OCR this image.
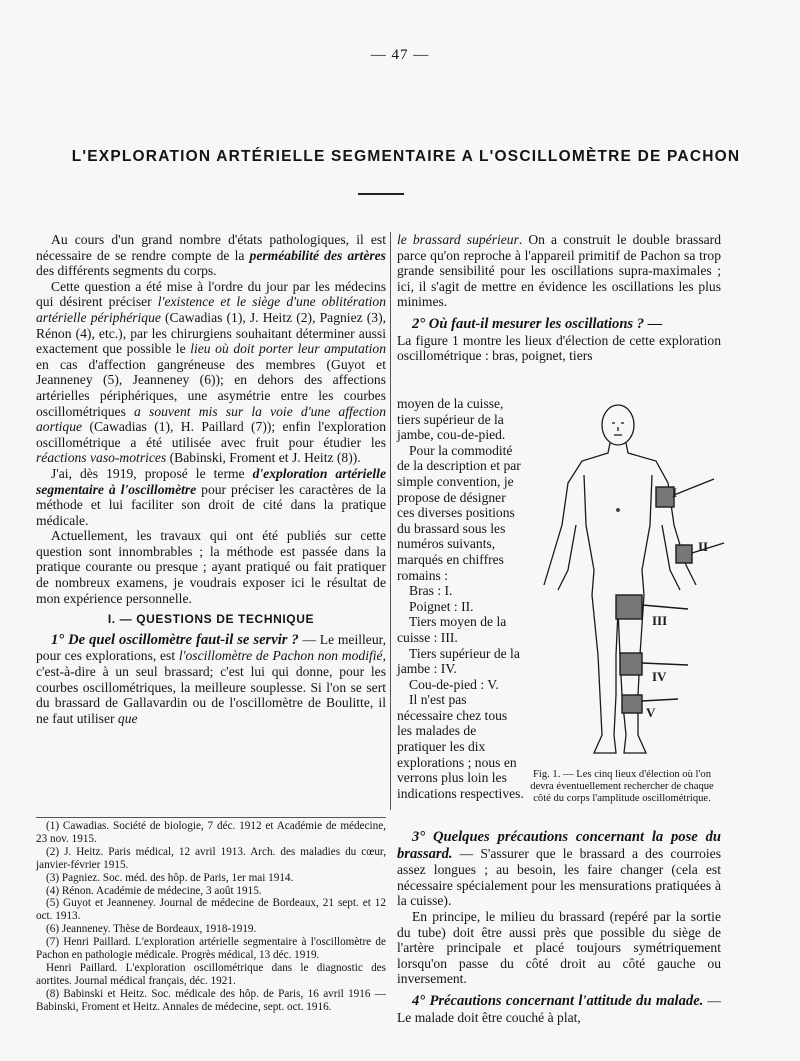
— 47 —
L'EXPLORATION ARTÉRIELLE SEGMENTAIRE A L'OSCILLOMÈTRE DE PACHON

Au cours d'un grand nombre d'états pathologiques, il est nécessaire de se rendre compte de la perméabilité des artères des différents segments du corps.

Cette question a été mise à l'ordre du jour par les médecins qui désirent préciser l'existence et le siège d'une oblitération artérielle périphérique (Cawadias (1), J. Heitz (2), Pagniez (3), Rénon (4), etc.), par les chirurgiens souhaitant déterminer aussi exactement que possible le lieu où doit porter leur amputation en cas d'affection gangréneuse des membres (Guyot et Jeanneney (5), Jeanneney (6)); en dehors des affections artérielles périphériques, une asymétrie entre les courbes oscillométriques a souvent mis sur la voie d'une affection aortique (Cawadias (1), H. Paillard (7)); enfin l'exploration oscillométrique a été utilisée avec fruit pour étudier les réactions vaso-motrices (Babinski, Froment et J. Heitz (8)).

J'ai, dès 1919, proposé le terme d'exploration artérielle segmentaire à l'oscillomètre pour préciser les caractères de la méthode et lui faciliter son droit de cité dans la pratique médicale.

Actuellement, les travaux qui ont été publiés sur cette question sont innombrables ; la méthode est passée dans la pratique courante ou presque ; ayant pratiqué ou fait pratiquer de nombreux examens, je voudrais exposer ici le résultat de mon expérience personnelle.

I. — QUESTIONS DE TECHNIQUE

1° De quel oscillomètre faut-il se servir ? — Le meilleur, pour ces explorations, est l'oscillomètre de Pachon non modifié, c'est-à-dire à un seul brassard; c'est lui qui donne, pour les courbes oscillométriques, la meilleure souplesse. Si l'on se sert du brassard de Gallavardin ou de l'oscillomètre de Boulitte, il ne faut utiliser que

(1) Cawadias. Société de biologie, 7 déc. 1912 et Académie de médecine, 23 nov. 1915.

(2) J. Heitz. Paris médical, 12 avril 1913. Arch. des maladies du cœur, janvier-février 1915.

(3) Pagniez. Soc. méd. des hôp. de Paris, 1er mai 1914.

(4) Rénon. Académie de médecine, 3 août 1915.

(5) Guyot et Jeanneney. Journal de médecine de Bordeaux, 21 sept. et 12 oct. 1913.

(6) Jeanneney. Thèse de Bordeaux, 1918-1919.

(7) Henri Paillard. L'exploration artérielle segmentaire à l'oscillomètre de Pachon en pathologie médicale. Progrès médical, 13 déc. 1919.

Henri Paillard. L'exploration oscillométrique dans le diagnostic des aortites. Journal médical français, déc. 1921.

(8) Babinski et Heitz. Soc. médicale des hôp. de Paris, 16 avril 1916 — Babinski, Froment et Heitz. Annales de médecine, sept. oct. 1916.

le brassard supérieur. On a construit le double brassard parce qu'on reproche à l'appareil primitif de Pachon sa trop grande sensibilité pour les oscillations supra-maximales ; ici, il s'agit de mettre en évidence les oscillations les plus minimes.

2° Où faut-il mesurer les oscillations ? —

La figure 1 montre les lieux d'élection de cette exploration oscillométrique : bras, poignet, tiers

moyen de la cuisse,

tiers supérieur de la jambe, cou-de-pied.

Pour la commodité de la description et par simple convention, je propose de désigner ces diverses positions du brassard sous les numéros suivants, marqués en chiffres romains :

Bras : I.

Poignet : II.

Tiers moyen de la cuisse : III.

Tiers supérieur de la jambe : IV.

Cou-de-pied : V.

Il n'est pas nécessaire chez tous les malades de pratiquer les dix explorations ; nous en verrons plus loin les indications respectives.

I
II
III
IV
V
Fig. 1. — Les cinq lieux d'élection où l'on devra éventuellement rechercher de chaque côté du corps l'amplitude oscillométrique.

3° Quelques précautions concernant la pose du brassard. — S'assurer que le brassard a des courroies assez longues ; au besoin, les faire changer (cela est nécessaire spécialement pour les mensurations pratiquées à la cuisse).

En principe, le milieu du brassard (repéré par la sortie du tube) doit être aussi près que possible du siège de l'artère principale et placé toujours symétriquement lorsqu'on passe du côté droit au côté gauche ou inversement.

4° Précautions concernant l'attitude du malade. — Le malade doit être couché à plat,
